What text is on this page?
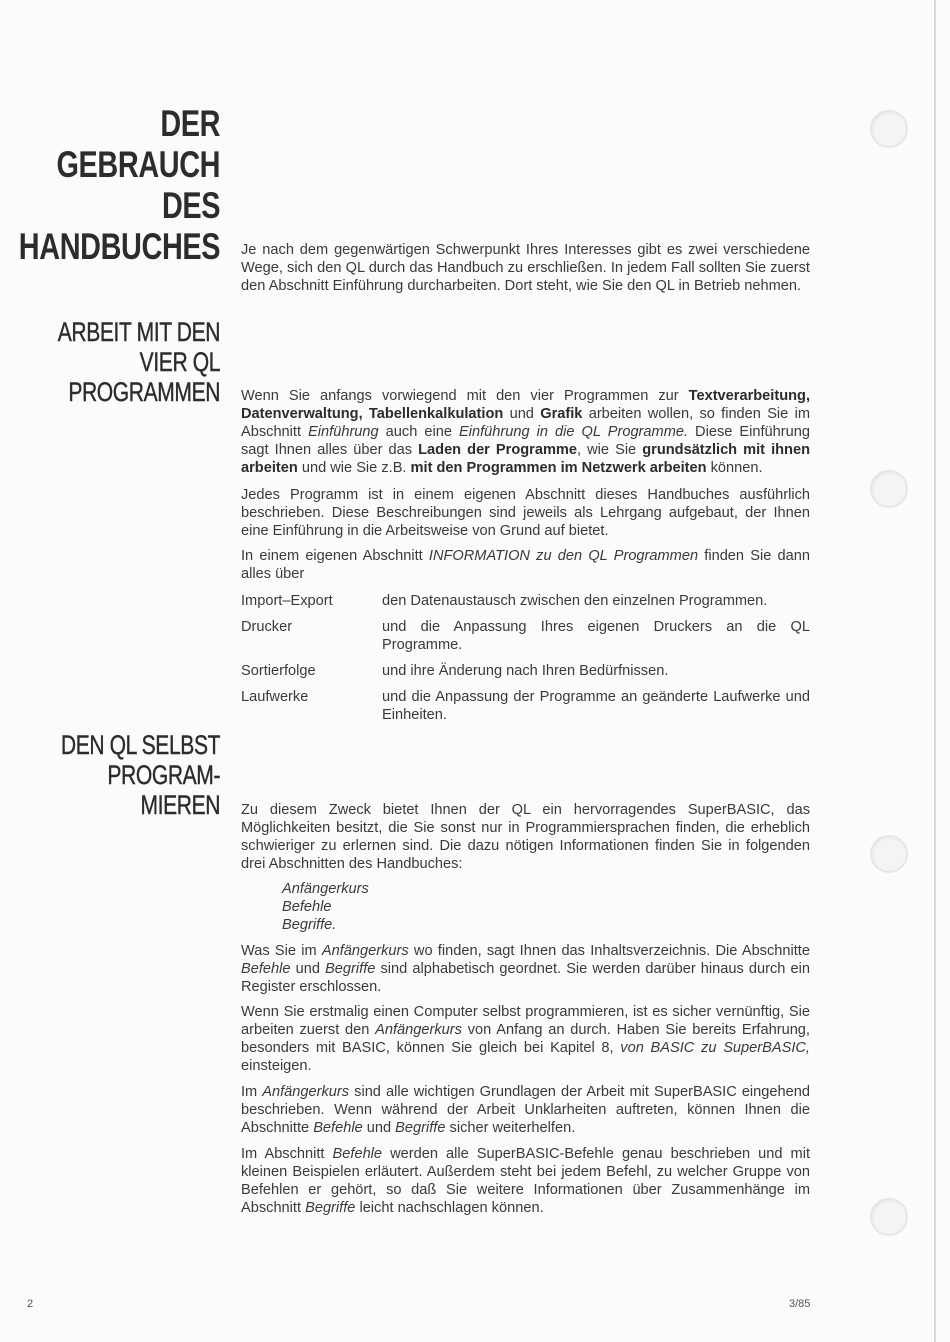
DER
GEBRAUCH
DES
HANDBUCHES
ARBEIT MIT DEN
VIER QL
PROGRAMMEN
DEN QL SELBST
PROGRAM-
MIEREN
Je nach dem gegenwärtigen Schwerpunkt Ihres Interesses gibt es zwei verschiedene Wege, sich den QL durch das Handbuch zu erschließen. In jedem Fall sollten Sie zuerst den Abschnitt Einführung durcharbeiten. Dort steht, wie Sie den QL in Betrieb nehmen.
Wenn Sie anfangs vorwiegend mit den vier Programmen zur Textverarbeitung, Datenverwaltung, Tabellenkalkulation und Grafik arbeiten wollen, so finden Sie im Abschnitt Einführung auch eine Einführung in die QL Programme. Diese Einführung sagt Ihnen alles über das Laden der Programme, wie Sie grundsätzlich mit ihnen arbeiten und wie Sie z.B. mit den Programmen im Netzwerk arbeiten können.
Jedes Programm ist in einem eigenen Abschnitt dieses Handbuches ausführlich beschrieben. Diese Beschreibungen sind jeweils als Lehrgang aufgebaut, der Ihnen eine Einführung in die Arbeitsweise von Grund auf bietet.
In einem eigenen Abschnitt INFORMATION zu den QL Programmen finden Sie dann alles über
Import–Export	den Datenaustausch zwischen den einzelnen Programmen.
Drucker	und die Anpassung Ihres eigenen Druckers an die QL Programme.
Sortierfolge	und ihre Änderung nach Ihren Bedürfnissen.
Laufwerke	und die Anpassung der Programme an geänderte Laufwerke und Einheiten.
Zu diesem Zweck bietet Ihnen der QL ein hervorragendes SuperBASIC, das Möglichkeiten besitzt, die Sie sonst nur in Programmiersprachen finden, die erheblich schwieriger zu erlernen sind. Die dazu nötigen Informationen finden Sie in folgenden drei Abschnitten des Handbuches:
Anfängerkurs
Befehle
Begriffe.
Was Sie im Anfängerkurs wo finden, sagt Ihnen das Inhaltsverzeichnis. Die Abschnitte Befehle und Begriffe sind alphabetisch geordnet. Sie werden darüber hinaus durch ein Register erschlossen.
Wenn Sie erstmalig einen Computer selbst programmieren, ist es sicher vernünftig, Sie arbeiten zuerst den Anfängerkurs von Anfang an durch. Haben Sie bereits Erfahrung, besonders mit BASIC, können Sie gleich bei Kapitel 8, von BASIC zu SuperBASIC, einsteigen.
Im Anfängerkurs sind alle wichtigen Grundlagen der Arbeit mit SuperBASIC eingehend beschrieben. Wenn während der Arbeit Unklarheiten auftreten, können Ihnen die Abschnitte Befehle und Begriffe sicher weiterhelfen.
Im Abschnitt Befehle werden alle SuperBASIC-Befehle genau beschrieben und mit kleinen Beispielen erläutert. Außerdem steht bei jedem Befehl, zu welcher Gruppe von Befehlen er gehört, so daß Sie weitere Informationen über Zusammenhänge im Abschnitt Begriffe leicht nachschlagen können.
2	3/85
